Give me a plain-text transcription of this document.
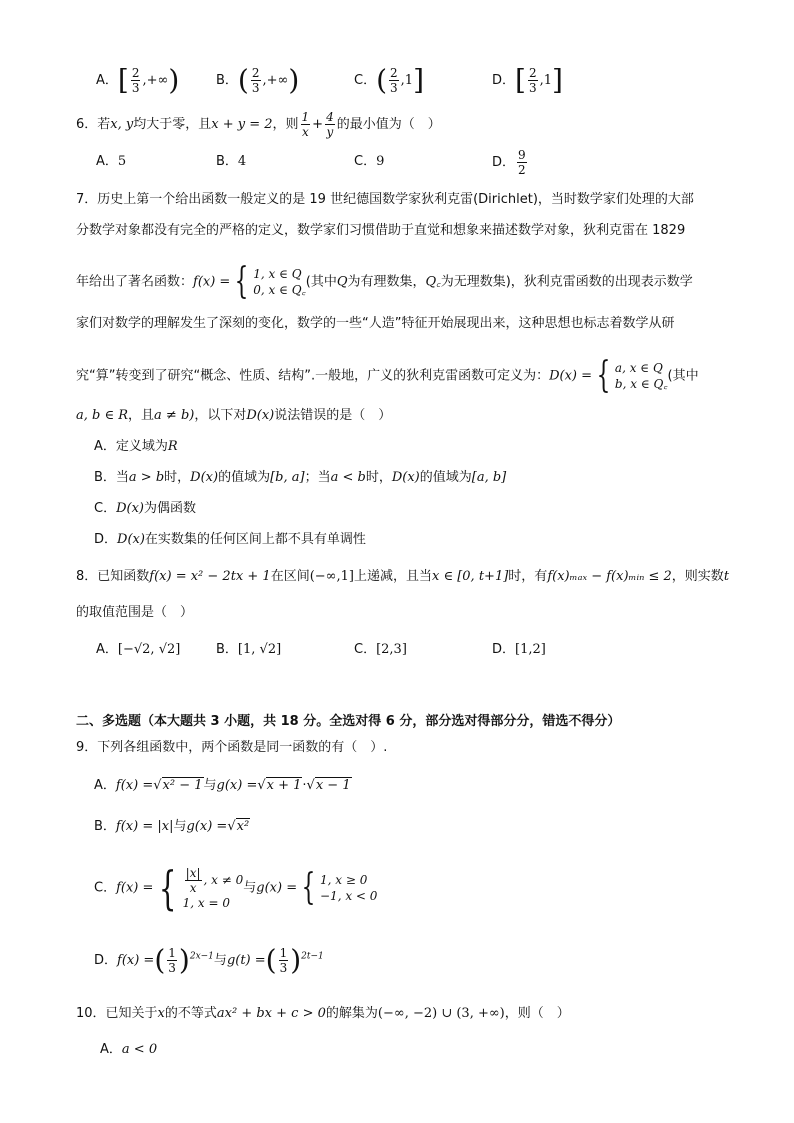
A．[ $\frac{2}{3}$ ,+∞)	B．( $\frac{2}{3}$ ,+∞)	C．( $\frac{2}{3} ,1$]	D．[ $\frac{2}{3} ,1$]
6．若x, y均大于零，且x + y = 2，则 $\frac{1}{x} + \frac{4}{y}$ 的最小值为（　）
A．5	B．4	C．9	D． $\frac{9}{2}$
7．历史上第一个给出函数一般定义的是 19 世纪德国数学家狄利克雷(Dirichlet)，当时数学家们处理的大部
分数学对象都没有完全的严格的定义，数学家们习惯借助于直觉和想象来描述数学对象，狄利克雷在 1829
年给出了著名函数：f(x) = { 1, x ∈ Q
0, x ∈ Q꜀
(其中Q为有理数集，Q꜀为无理数集)，狄利克雷函数的出现表示数学
家们对数学的理解发生了深刻的变化，数学的一些“人造”特征开始展现出来，这种思想也标志着数学从研
究“算”转变到了研究“概念、性质、结构”.一般地，广义的狄利克雷函数可定义为：D(x) = { a, x ∈ Q
b, x ∈ Q꜀
(其中
a, b ∈ R，且a ≠ b)，以下对D(x)说法错误的是（　）
A．定义域为R
B．当a > b时，D(x)的值域为[b, a]；当a < b时，D(x)的值域为[a, b]
C．D(x)为偶函数
D．D(x)在实数集的任何区间上都不具有单调性
8．已知函数f(x) = x² − 2tx + 1在区间(−∞,1]上递减，且当x ∈ [0, t+1]时，有f(x)ₘₐₓ − f(x)ₘᵢₙ ≤ 2，则实数t
的取值范围是（　）
A．[−√2, √2]	B．[1, √2]	C．[2,3]	D．[1,2]
二、多选题（本大题共 3 小题，共 18 分。全选对得 6 分，部分选对得部分分，错选不得分）
9．下列各组函数中，两个函数是同一函数的有（　）.
A．f(x) =√x² − 1与g(x) =√x + 1·√x − 1
B．f(x) = |x|与g(x) =√x²
C．f(x) = { $\frac{|x|}{x}$ , x ≠ 0
1, x = 0
与g(x) = { 1, x ≥ 0
−1, x < 0
D．f(x) =( $\frac{1}{3} )^{2x-1}$与g(t) =( $\frac{1}{3} )^{2t-1}$
10．已知关于x的不等式ax² + bx + c > 0的解集为(−∞, −2) ∪ (3, +∞)，则（　）
A．a < 0
